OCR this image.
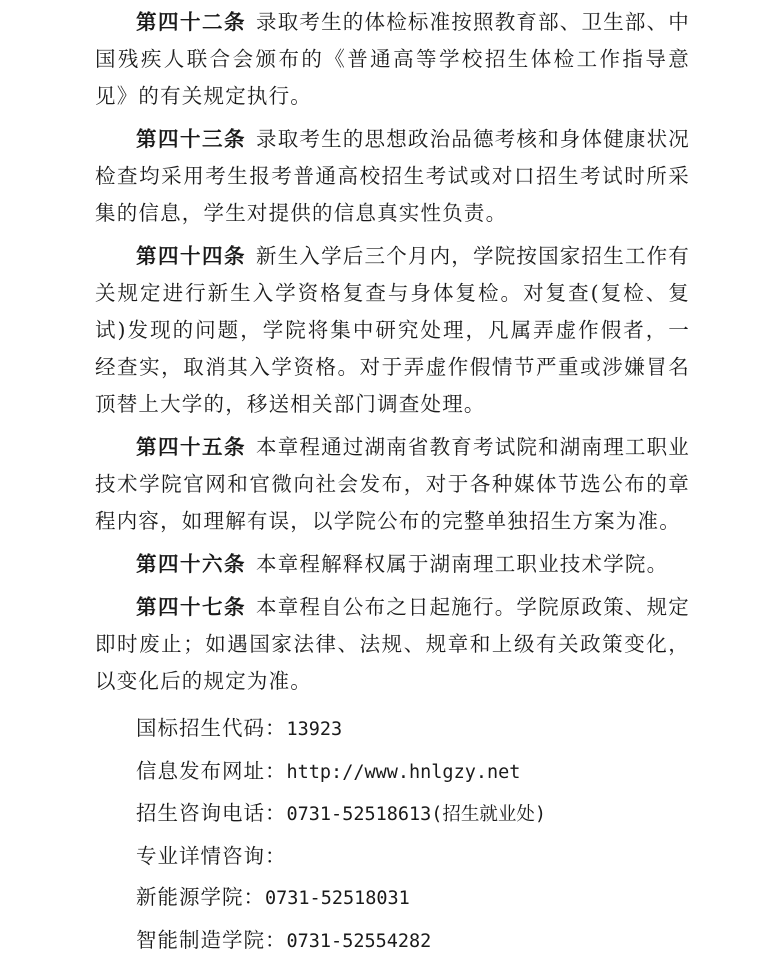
第四十二条 录取考生的体检标准按照教育部、卫生部、中国残疾人联合会颁布的《普通高等学校招生体检工作指导意见》的有关规定执行。

第四十三条 录取考生的思想政治品德考核和身体健康状况检查均采用考生报考普通高校招生考试或对口招生考试时所采集的信息，学生对提供的信息真实性负责。

第四十四条 新生入学后三个月内，学院按国家招生工作有关规定进行新生入学资格复查与身体复检。对复查(复检、复试)发现的问题，学院将集中研究处理，凡属弄虚作假者，一经查实，取消其入学资格。对于弄虚作假情节严重或涉嫌冒名顶替上大学的，移送相关部门调查处理。

第四十五条 本章程通过湖南省教育考试院和湖南理工职业技术学院官网和官微向社会发布，对于各种媒体节选公布的章程内容，如理解有误，以学院公布的完整单独招生方案为准。

第四十六条 本章程解释权属于湖南理工职业技术学院。

第四十七条 本章程自公布之日起施行。学院原政策、规定即时废止；如遇国家法律、法规、规章和上级有关政策变化，以变化后的规定为准。

国标招生代码：13923
信息发布网址：http://www.hnlgzy.net
招生咨询电话：0731-52518613(招生就业处)
专业详情咨询：
新能源学院：0731-52518031
智能制造学院：0731-52554282
